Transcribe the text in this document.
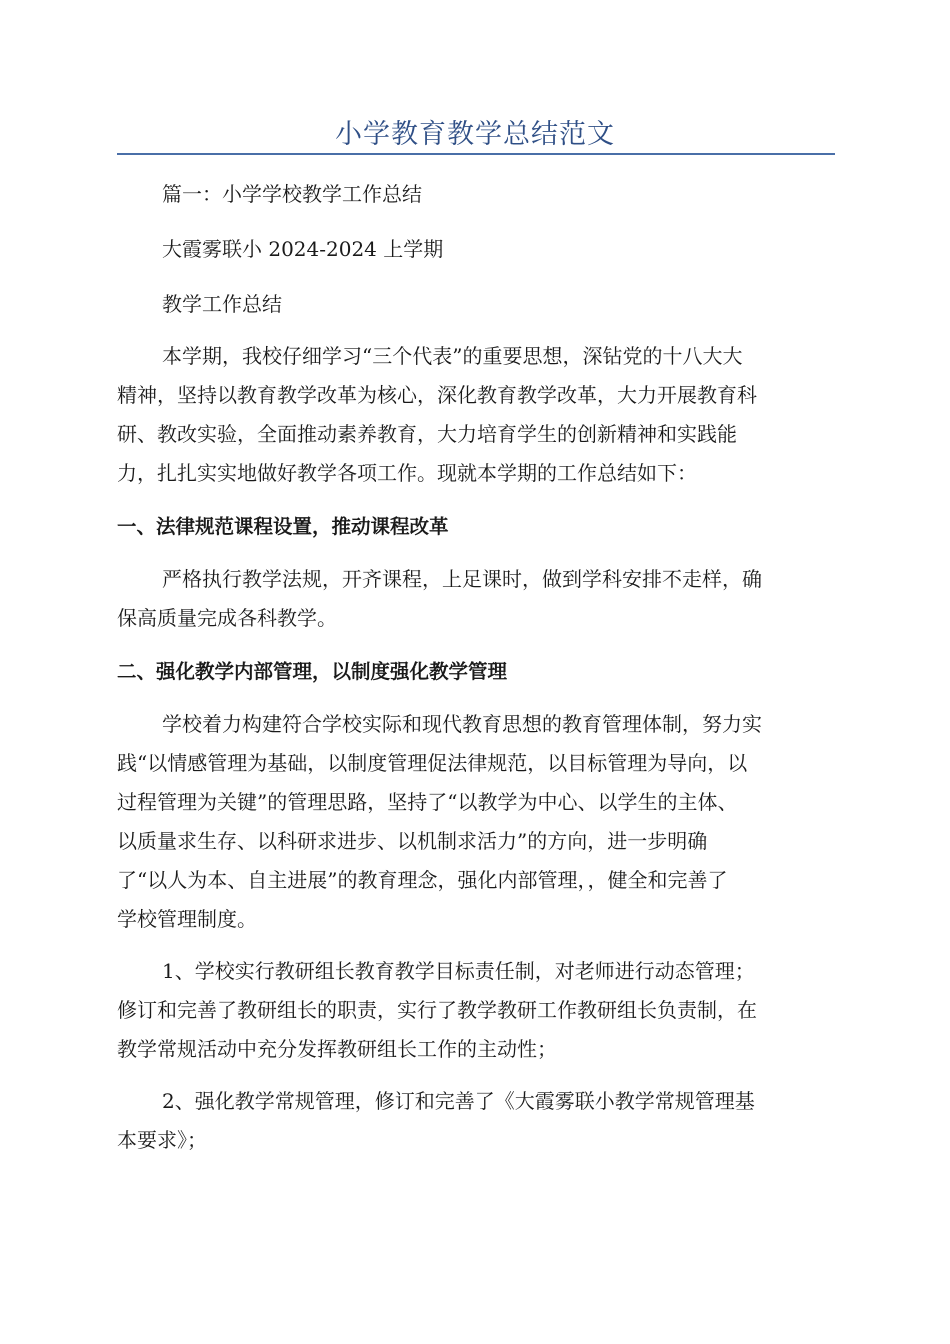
小学教育教学总结范文
篇一：小学学校教学工作总结
大霞雾联小 2024-2024 上学期
教学工作总结
本学期，我校仔细学习“三个代表”的重要思想，深钻党的十八大大
精神，坚持以教育教学改革为核心，深化教育教学改革，大力开展教育科
研、教改实验，全面推动素养教育，大力培育学生的创新精神和实践能
力，扎扎实实地做好教学各项工作。现就本学期的工作总结如下：
一、法律规范课程设置，推动课程改革
严格执行教学法规，开齐课程，上足课时，做到学科安排不走样，确
保高质量完成各科教学。
二、强化教学内部管理，以制度强化教学管理
学校着力构建符合学校实际和现代教育思想的教育管理体制，努力实
践“以情感管理为基础，以制度管理促法律规范，以目标管理为导向，以
过程管理为关键”的管理思路，坚持了“以教学为中心、以学生的主体、
以质量求生存、以科研求进步、以机制求活力”的方向，进一步明确
了“以人为本、自主进展”的教育理念，强化内部管理，，健全和完善了
学校管理制度。
1、学校实行教研组长教育教学目标责任制，对老师进行动态管理；
修订和完善了教研组长的职责，实行了教学教研工作教研组长负责制，在
教学常规活动中充分发挥教研组长工作的主动性；
2、强化教学常规管理，修订和完善了《大霞雾联小教学常规管理基
本要求》；
